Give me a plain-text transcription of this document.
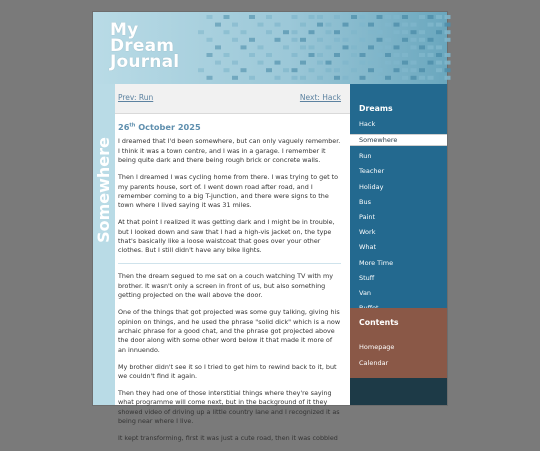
My
Dream
Journal
Somewhere
Prev: Run	Next: Hack
26th October 2025

I dreamed that I'd been somewhere, but can only vaguely remember. I think it was a town centre, and I was in a garage. I remember it being quite dark and there being rough brick or concrete walls.

Then I dreamed I was cycling home from there. I was trying to get to my parents house, sort of. I went down road after road, and I remember coming to a big T-junction, and there were signs to the town where I lived saying it was 31 miles.

At that point I realized it was getting dark and I might be in trouble, but I looked down and saw that I had a high-vis jacket on, the type that's basically like a loose waistcoat that goes over your other clothes. But I still didn't have any bike lights.

Then the dream segued to me sat on a couch watching TV with my brother. It wasn't only a screen in front of us, but also something getting projected on the wall above the door.

One of the things that got projected was some guy talking, giving his opinion on things, and he used the phrase "solid dick" which is a now archaic phrase for a good chat, and the phrase got projected above the door along with some other word below it that made it more of an innuendo.

My brother didn't see it so I tried to get him to rewind back to it, but we couldn't find it again.

Then they had one of those interstitial things where they're saying what programme will come next, but in the background of it they showed video of driving up a little country lane and I recognized it as being near where I live.

It kept transforming, first it was just a cute road, then it was cobbled

Dreams
Hack
Somewhere
Run
Teacher
Holiday
Bus
Paint
Work
What
More Time
Stuff
Van
Contents
Homepage
Calendar
